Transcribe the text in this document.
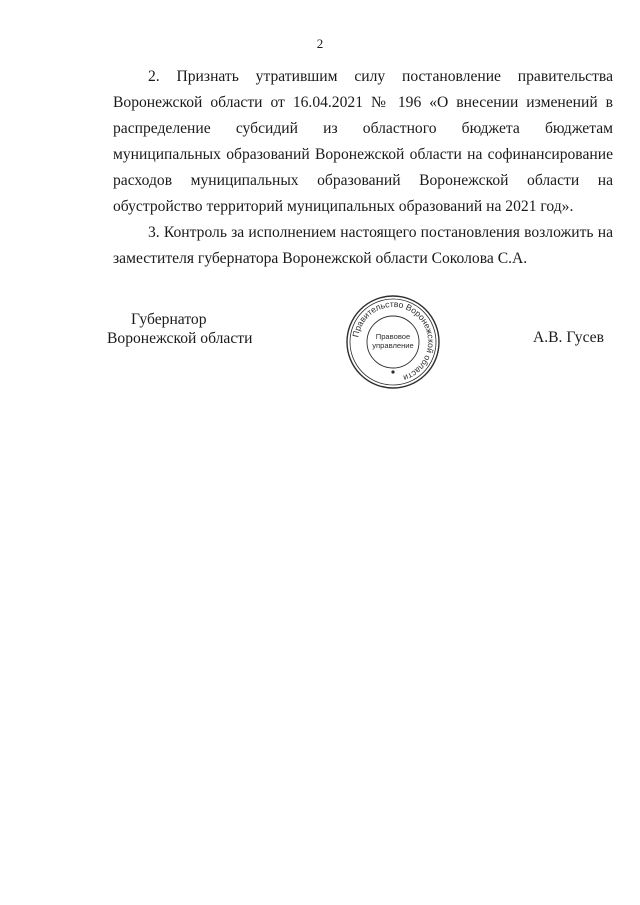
2

2. Признать утратившим силу постановление правительства Воронежской области от 16.04.2021 № 196 «О внесении изменений в распределение субсидий из областного бюджета бюджетам муниципальных образований Воронежской области на софинансирование расходов муниципальных образований Воронежской области на обустройство территорий муниципальных образований на 2021 год».

3. Контроль за исполнением настоящего постановления возложить на заместителя губернатора Воронежской области Соколова С.А.

Губернатор
Воронежской области	Правительство Воронежской области
Правовое
управление	А.В. Гусев
